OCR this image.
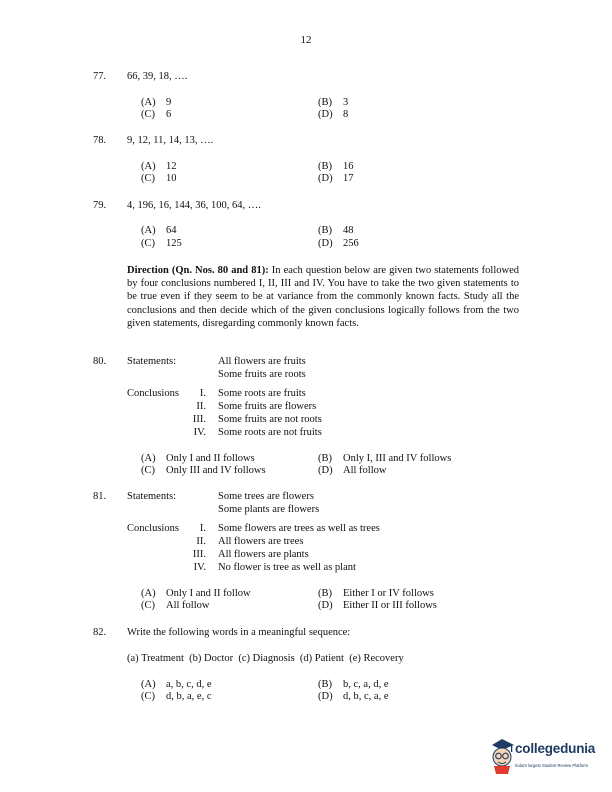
12
77. 66, 39, 18, ….
(A) 9	(B) 3
(C) 6	(D) 8
78. 9, 12, 11, 14, 13, ….
(A) 12	(B) 16
(C) 10	(D) 17
79. 4, 196, 16, 144, 36, 100, 64, ….
(A) 64	(B) 48
(C) 125	(D) 256
Direction (Qn. Nos. 80 and 81): In each question below are given two statements followed by four conclusions numbered I, II, III and IV. You have to take the two given statements to be true even if they seem to be at variance from the commonly known facts. Study all the conclusions and then decide which of the given conclusions logically follows from the two given statements, disregarding commonly known facts.
80. Statements:	All flowers are fruits
Some fruits are roots
Conclusions	I. Some roots are fruits
II. Some fruits are flowers
III. Some fruits are not roots
IV. Some roots are not fruits
(A) Only I and II follows	(B) Only I, III and IV follows
(C) Only III and IV follows	(D) All follow
81. Statements:	Some trees are flowers
Some plants are flowers
Conclusions	I. Some flowers are trees as well as trees
II. All flowers are trees
III. All flowers are plants
IV. No flower is tree as well as plant
(A) Only I and II follow	(B) Either I or IV follows
(C) All follow	(D) Either II or III follows
82. Write the following words in a meaningful sequence:
(a) Treatment  (b) Doctor  (c) Diagnosis  (d) Patient  (e) Recovery
(A) a, b, c, d, e	(B) b, c, a, d, e
(C) d, b, a, e, c	(D) d, b, c, a, e
collegedunia
India's largest Student Review Platform
